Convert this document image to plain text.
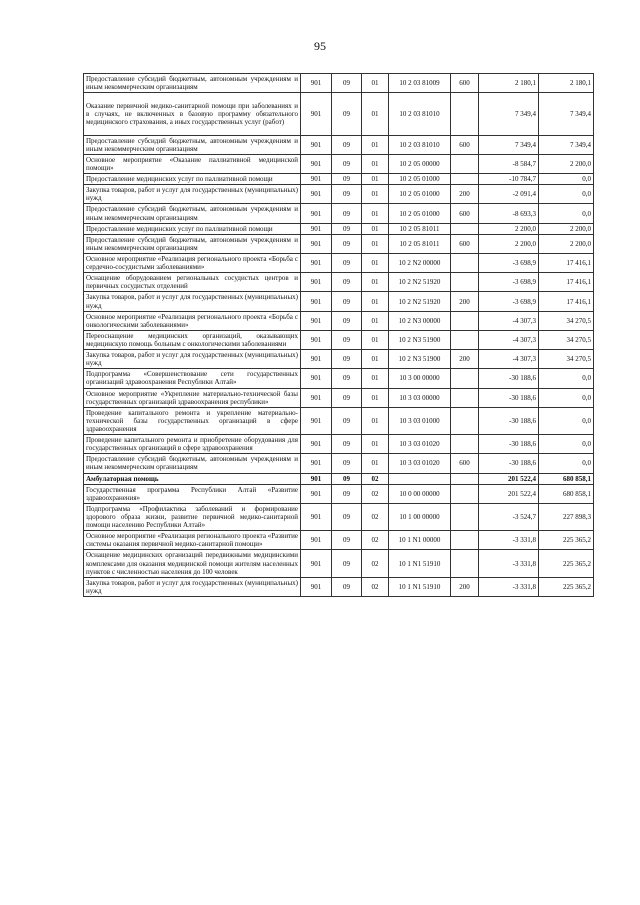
95
Предоставление субсидий бюджетным, автономным учреждениям и иным некоммерческим организациям	901	09	01	10 2 03 81009	600	2 180,1	2 180,1
Оказание первичной медико-санитарной помощи при заболеваниях и в случаях, не включенных в базовую программу обязательного медицинского страхования, а иных государственных услуг (работ)	901	09	01	10 2 03 81010		7 349,4	7 349,4
Предоставление субсидий бюджетным, автономным учреждениям и иным некоммерческим организациям	901	09	01	10 2 03 81010	600	7 349,4	7 349,4
Основное мероприятие «Оказание паллиативной медицинской помощи»	901	09	01	10 2 05 00000		-8 584,7	2 200,0
Предоставление медицинских услуг по паллиативной помощи	901	09	01	10 2 05 01000		-10 784,7	0,0
Закупка товаров, работ и услуг для государственных (муниципальных) нужд	901	09	01	10 2 05 01000	200	-2 091,4	0,0
Предоставление субсидий бюджетным, автономным учреждениям и иным некоммерческим организациям	901	09	01	10 2 05 01000	600	-8 693,3	0,0
Предоставление медицинских услуг по паллиативной помощи	901	09	01	10 2 05 81011		2 200,0	2 200,0
Предоставление субсидий бюджетным, автономным учреждениям и иным некоммерческим организациям	901	09	01	10 2 05 81011	600	2 200,0	2 200,0
Основное мероприятие «Реализация регионального проекта «Борьба с сердечно-сосудистыми заболеваниями»	901	09	01	10 2 N2 00000		-3 698,9	17 416,1
Оснащение оборудованием региональных сосудистых центров и первичных сосудистых отделений	901	09	01	10 2 N2 51920		-3 698,9	17 416,1
Закупка товаров, работ и услуг для государственных (муниципальных) нужд	901	09	01	10 2 N2 51920	200	-3 698,9	17 416,1
Основное мероприятие «Реализация регионального проекта «Борьба с онкологическими заболеваниями»	901	09	01	10 2 N3 00000		-4 307,3	34 270,5
Переоснащение медицинских организаций, оказывающих медицинскую помощь больным с онкологическими заболеваниями	901	09	01	10 2 N3 51900		-4 307,3	34 270,5
Закупка товаров, работ и услуг для государственных (муниципальных) нужд	901	09	01	10 2 N3 51900	200	-4 307,3	34 270,5
Подпрограмма «Совершенствование сети государственных организаций здравоохранения Республики Алтай»	901	09	01	10 3 00 00000		-30 188,6	0,0
Основное мероприятие «Укрепление материально-технической базы государственных организаций здравоохранения республики»	901	09	01	10 3 03 00000		-30 188,6	0,0
Проведение капитального ремонта и укрепление материально-технической базы государственных организаций в сфере здравоохранения	901	09	01	10 3 03 01000		-30 188,6	0,0
Проведение капитального ремонта и приобретение оборудования для государственных организаций в сфере здравоохранения	901	09	01	10 3 03 01020		-30 188,6	0,0
Предоставление субсидий бюджетным, автономным учреждениям и иным некоммерческим организациям	901	09	01	10 3 03 01020	600	-30 188,6	0,0
Амбулаторная помощь	901	09	02			201 522,4	680 858,1
Государственная программа Республики Алтай «Развитие здравоохранения»	901	09	02	10 0 00 00000		201 522,4	680 858,1
Подпрограмма «Профилактика заболеваний и формирование здорового образа жизни, развитие первичной медико-санитарной помощи населению Республики Алтай»	901	09	02	10 1 00 00000		-3 524,7	227 898,3
Основное мероприятие «Реализация регионального проекта «Развитие системы оказания первичной медико-санитарной помощи»	901	09	02	10 1 N1 00000		-3 331,8	225 365,2
Оснащение медицинских организаций передвижными медицинскими комплексами для оказания медицинской помощи жителям населенных пунктов с численностью населения до 100 человек	901	09	02	10 1 N1 51910		-3 331,8	225 365,2
Закупка товаров, работ и услуг для государственных (муниципальных) нужд	901	09	02	10 1 N1 51910	200	-3 331,8	225 365,2
